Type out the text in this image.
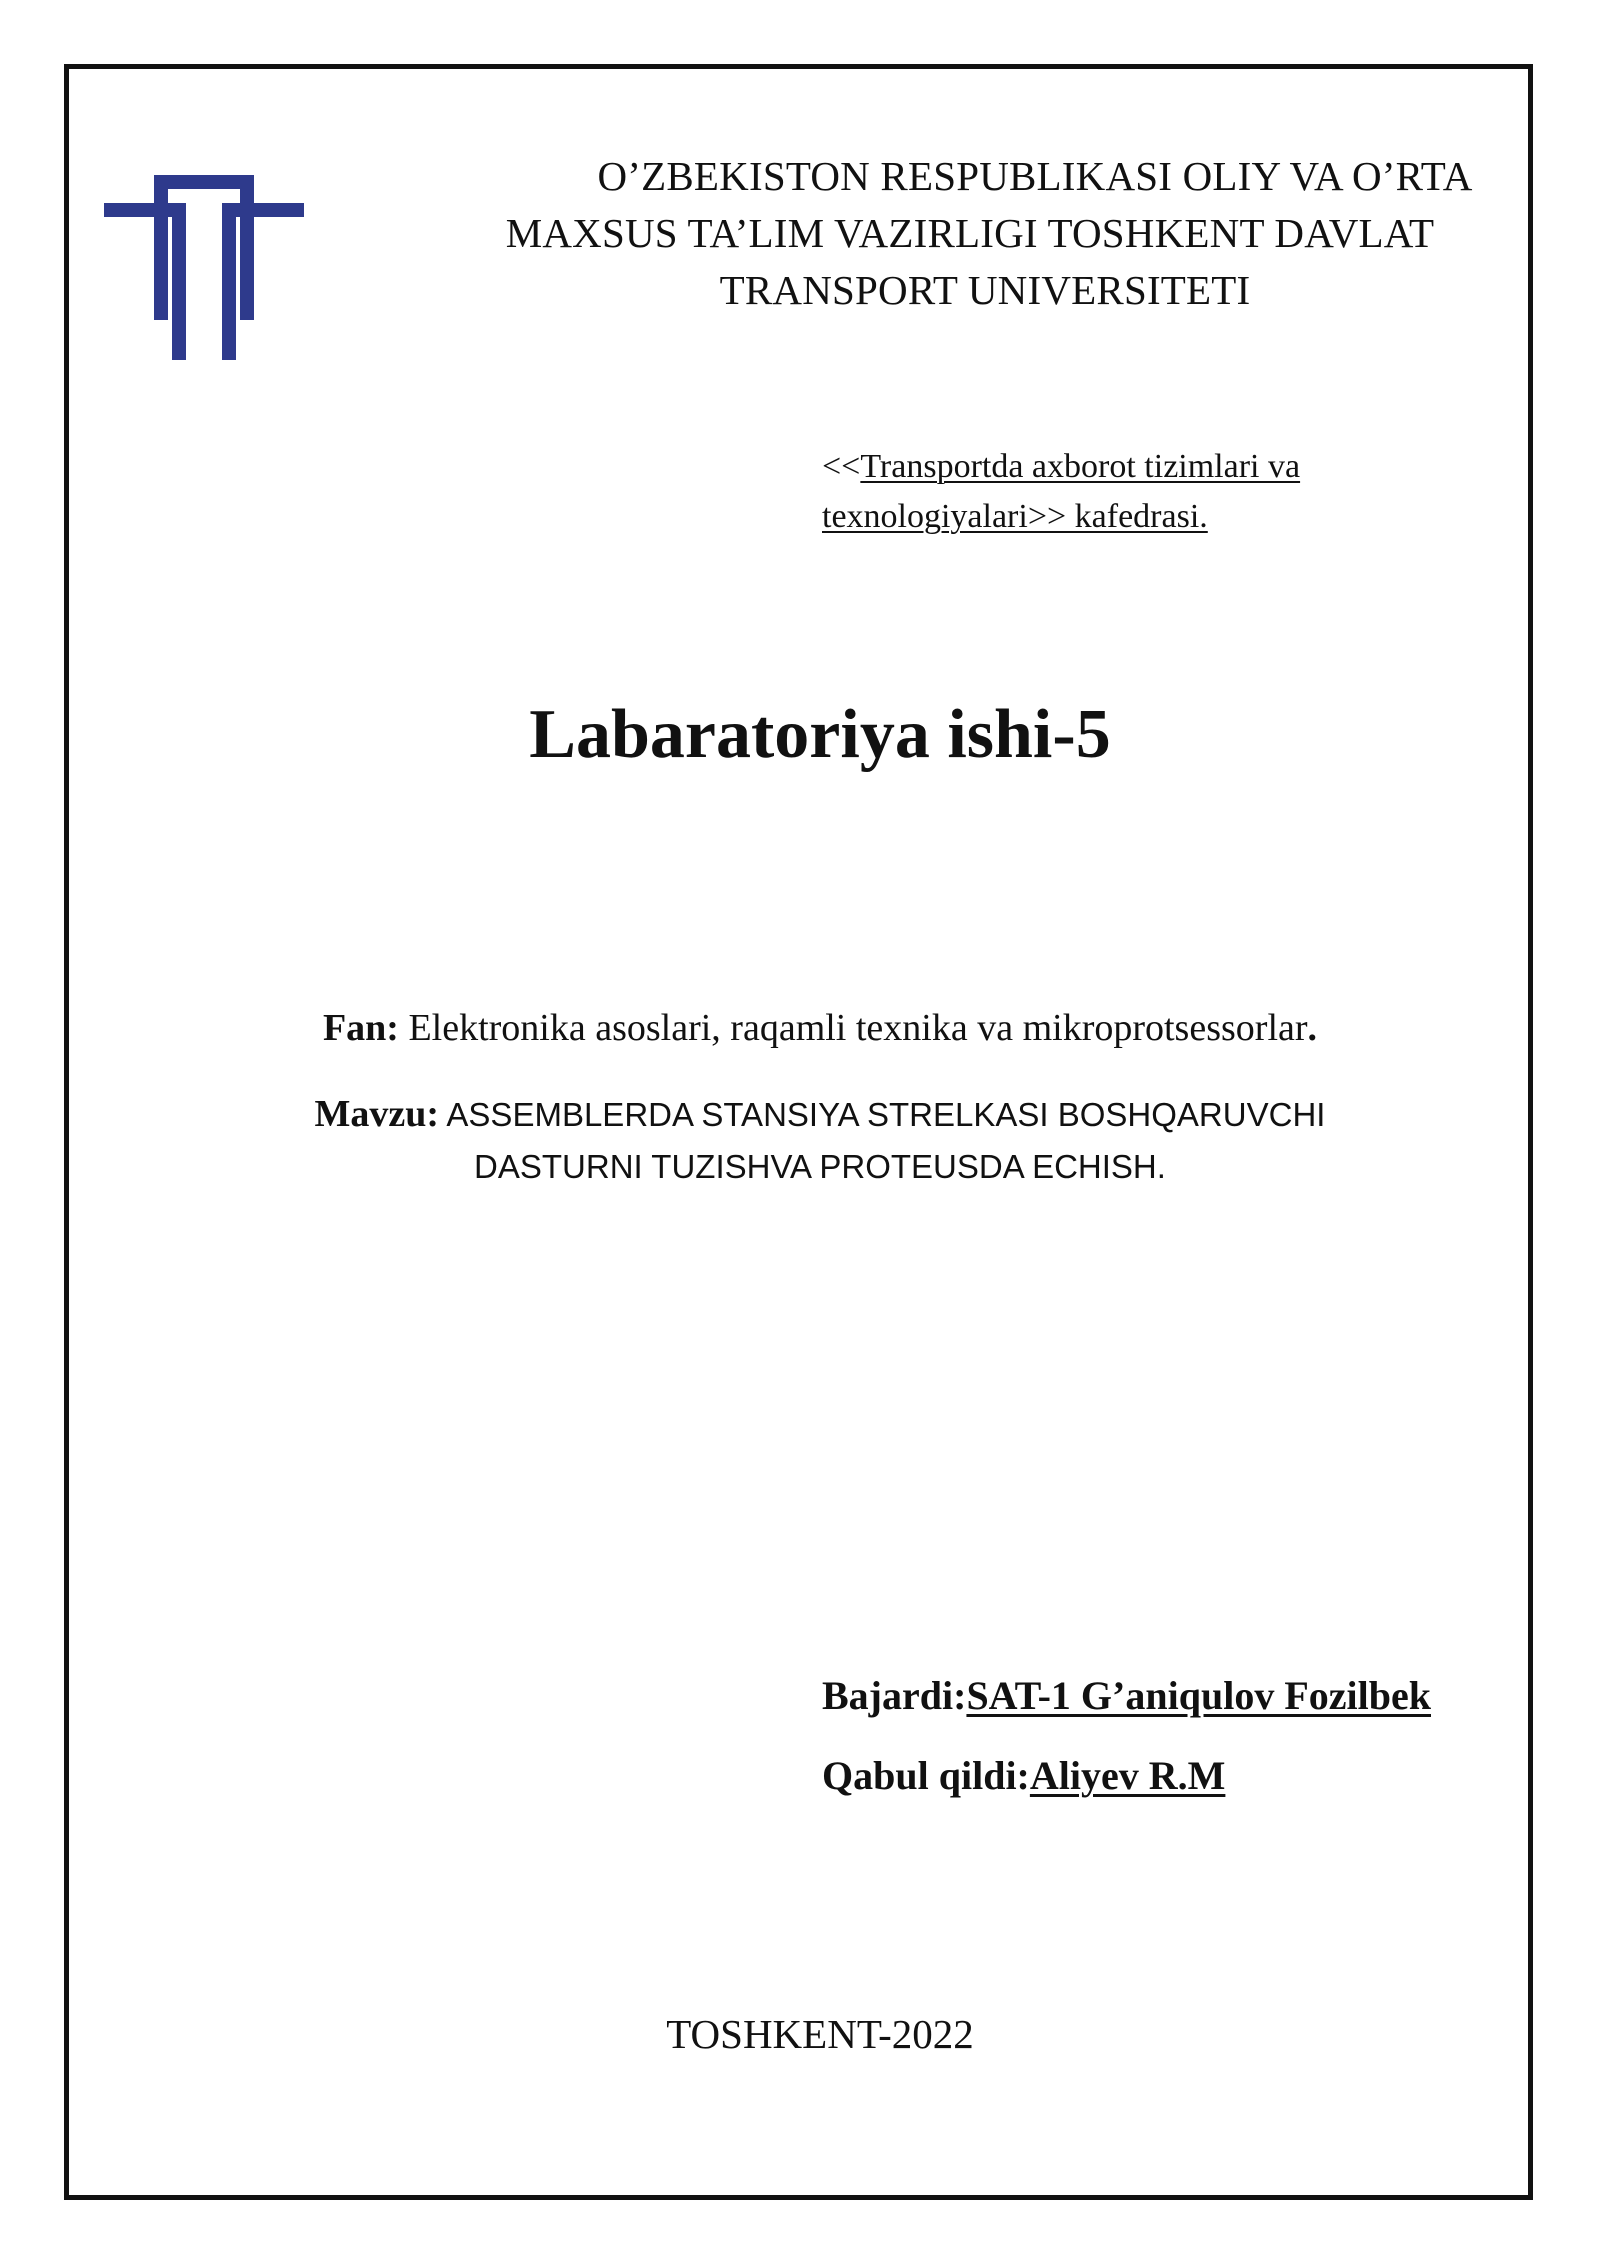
O’ZBEKISTON RESPUBLIKASI OLIY VA O’RTA
MAXSUS TA’LIM VAZIRLIGI TOSHKENT DAVLAT
TRANSPORT UNIVERSITETI
<<Transportda axborot tizimlari va
texnologiyalari>> kafedrasi.
Labaratoriya ishi-5
Fan: Elektronika asoslari, raqamli texnika va mikroprotsessorlar.
Mavzu: ASSEMBLERDA STANSIYA STRELKASI BOSHQARUVCHI
DASTURNI TUZISHVA PROTEUSDA ECHISH.
Bajardi:SAT-1 G’aniqulov Fozilbek
Qabul qildi:Aliyev R.M
TOSHKENT-2022
